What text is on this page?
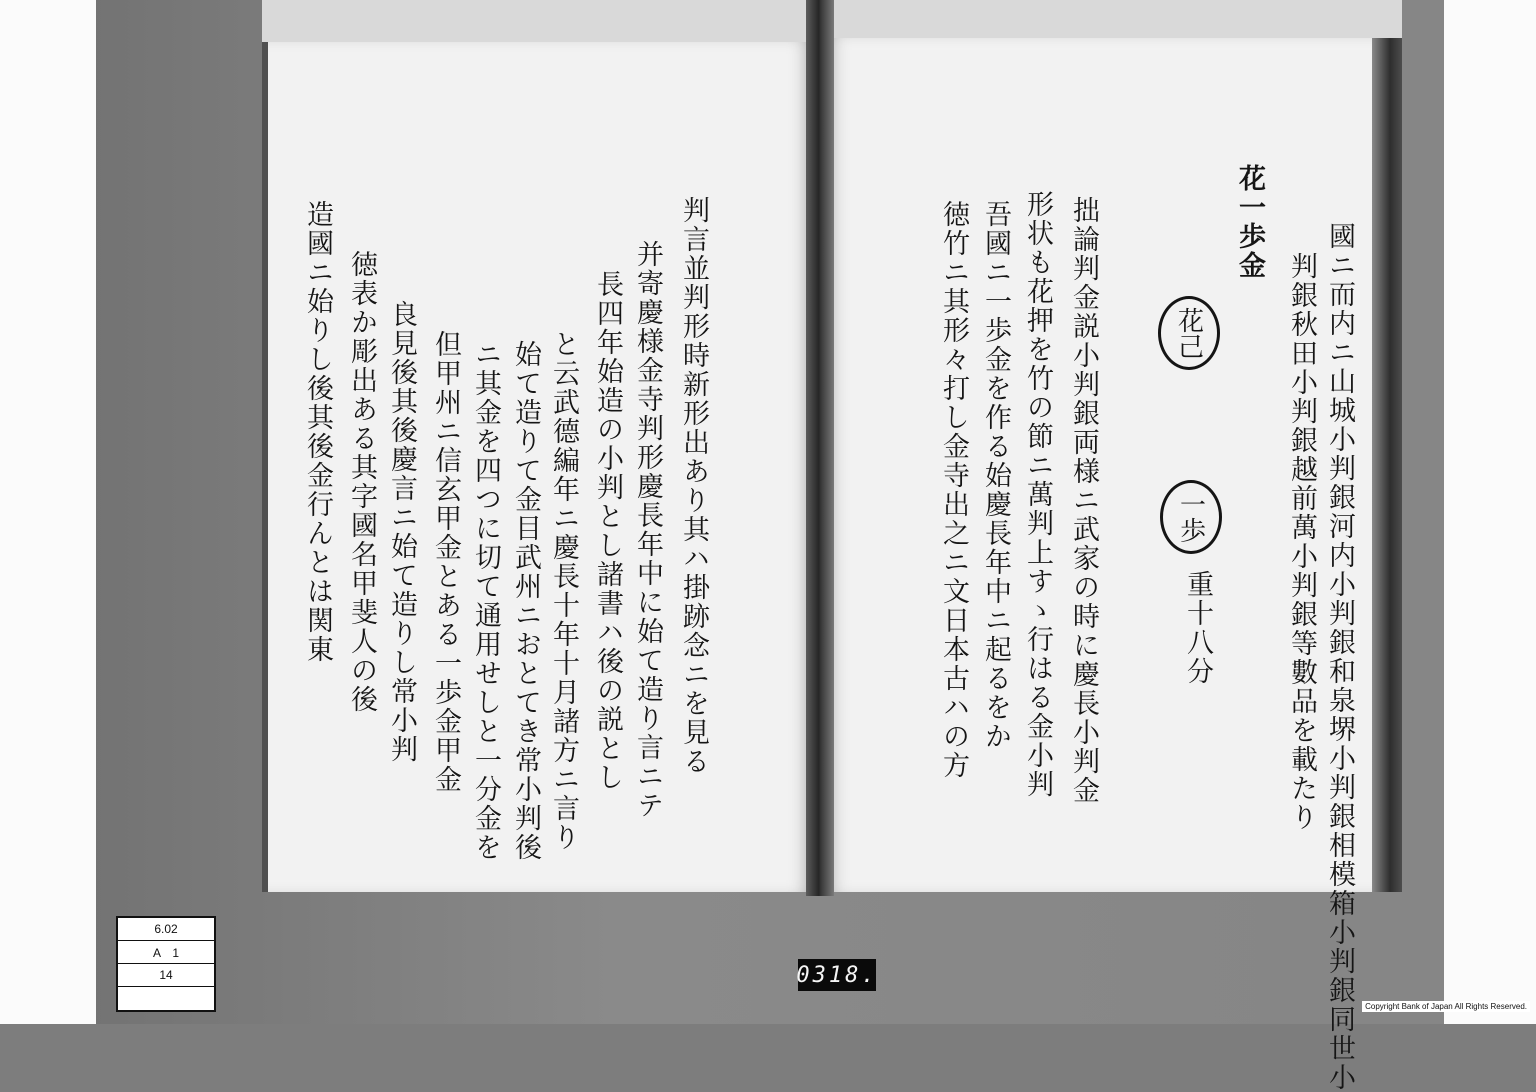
國ニ而内ニ山城小判銀河内小判銀和泉堺小判銀相模箱小判銀同世小
判銀秋田小判銀越前萬小判銀等數品を載たり
花一歩金
拙論判金説小判銀両様ニ武家の時に慶長小判金
形状も花押を竹の節ニ萬判上すゝ行はる金小判
吾國ニ一歩金を作る始慶長年中ニ起るをか
徳竹ニ其形々打し金寺出之ニ文日本古ハの方	花己
一歩
重十八分
判言並判形時新形出あり其ハ掛跡念ニを見る
并寄慶様金寺判形慶長年中に始て造り言ニテ
長四年始造の小判とし諸書ハ後の説とし
と云武德編年ニ慶長十年十月諸方ニ言り
始て造りて金目武州ニおとてき常小判後
ニ其金を四つに切て通用せしと一分金を
但甲州ニ信玄甲金とある一歩金甲金
良見後其後慶言ニ始て造りし常小判
徳表か彫出ある其字國名甲斐人の後
造國ニ始りし後其後金行んとは関東
6.02
A　1
14	0318.
Copyright Bank of Japan All Rights Reserved.
